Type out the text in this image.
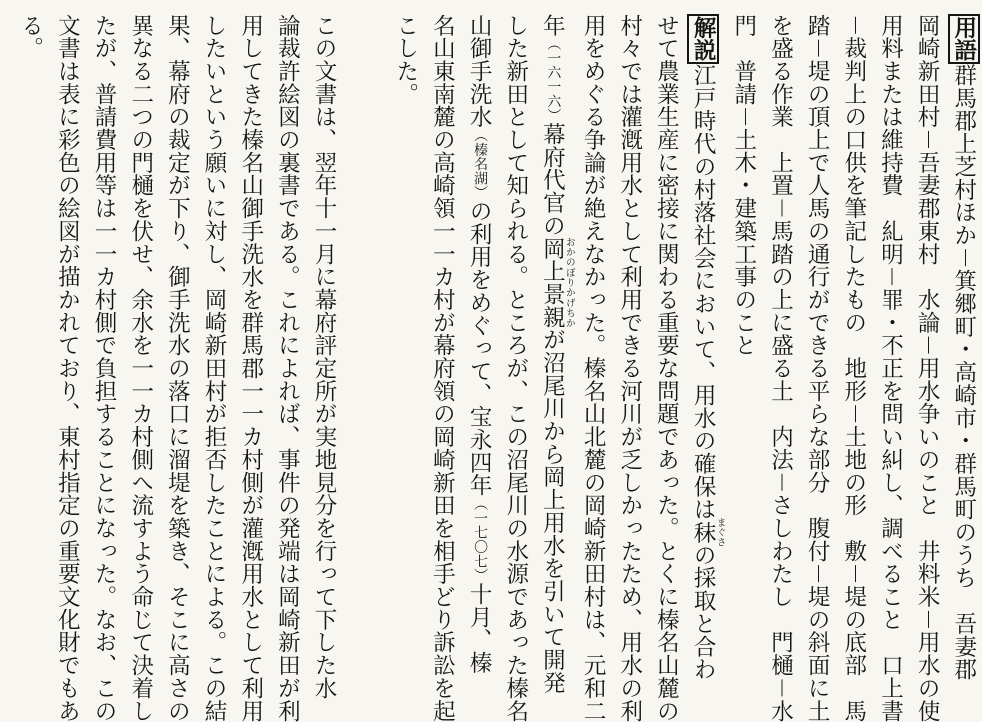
用語群馬郡上芝村ほか－箕郷町・高崎市・群馬町のうち　吾妻郡
岡崎新田村－吾妻郡東村　水論－用水争いのこと　井料米－用水の使
用料または維持費　糺明－罪・不正を問い糾し、調べること　口上書
－裁判上の口供を筆記したもの　地形－土地の形　敷－堤の底部　馬
踏－堤の頂上で人馬の通行ができる平らな部分　腹付－堤の斜面に土
を盛る作業　上置－馬踏の上に盛る土　内法－さしわたし　門樋－水
門　普請－土木・建築工事のこと
解説江戸時代の村落社会において、用水の確保は秣まぐさの採取と合わ
せて農業生産に密接に関わる重要な問題であった。とくに榛名山麓の
村々では灌漑用水として利用できる河川が乏しかったため、用水の利
用をめぐる争論が絶えなかった。榛名山北麓の岡崎新田村は、元和二
年（一六一六）幕府代官の岡上景親おかのぼりかげちかが沼尾川から岡上用水を引いて開発
した新田として知られる。ところが、この沼尾川の水源であった榛名
山御手洗水（榛名湖）の利用をめぐって、宝永四年（一七〇七）十月、榛
名山東南麓の高崎領一一カ村が幕府領の岡崎新田を相手どり訴訟を起
こした。
この文書は、翌年十一月に幕府評定所が実地見分を行って下した水
論裁許絵図の裏書である。これによれば、事件の発端は岡崎新田が利
用してきた榛名山御手洗水を群馬郡一一カ村側が灌漑用水として利用
したいという願いに対し、岡崎新田村が拒否したことによる。この結
果、幕府の裁定が下り、御手洗水の落口に溜堤を築き、そこに高さの
異なる二つの門樋を伏せ、余水を一一カ村側へ流すよう命じて決着し
たが、普請費用等は一一カ村側で負担することになった。なお、この
文書は表に彩色の絵図が描かれており、東村指定の重要文化財でもあ
る。
